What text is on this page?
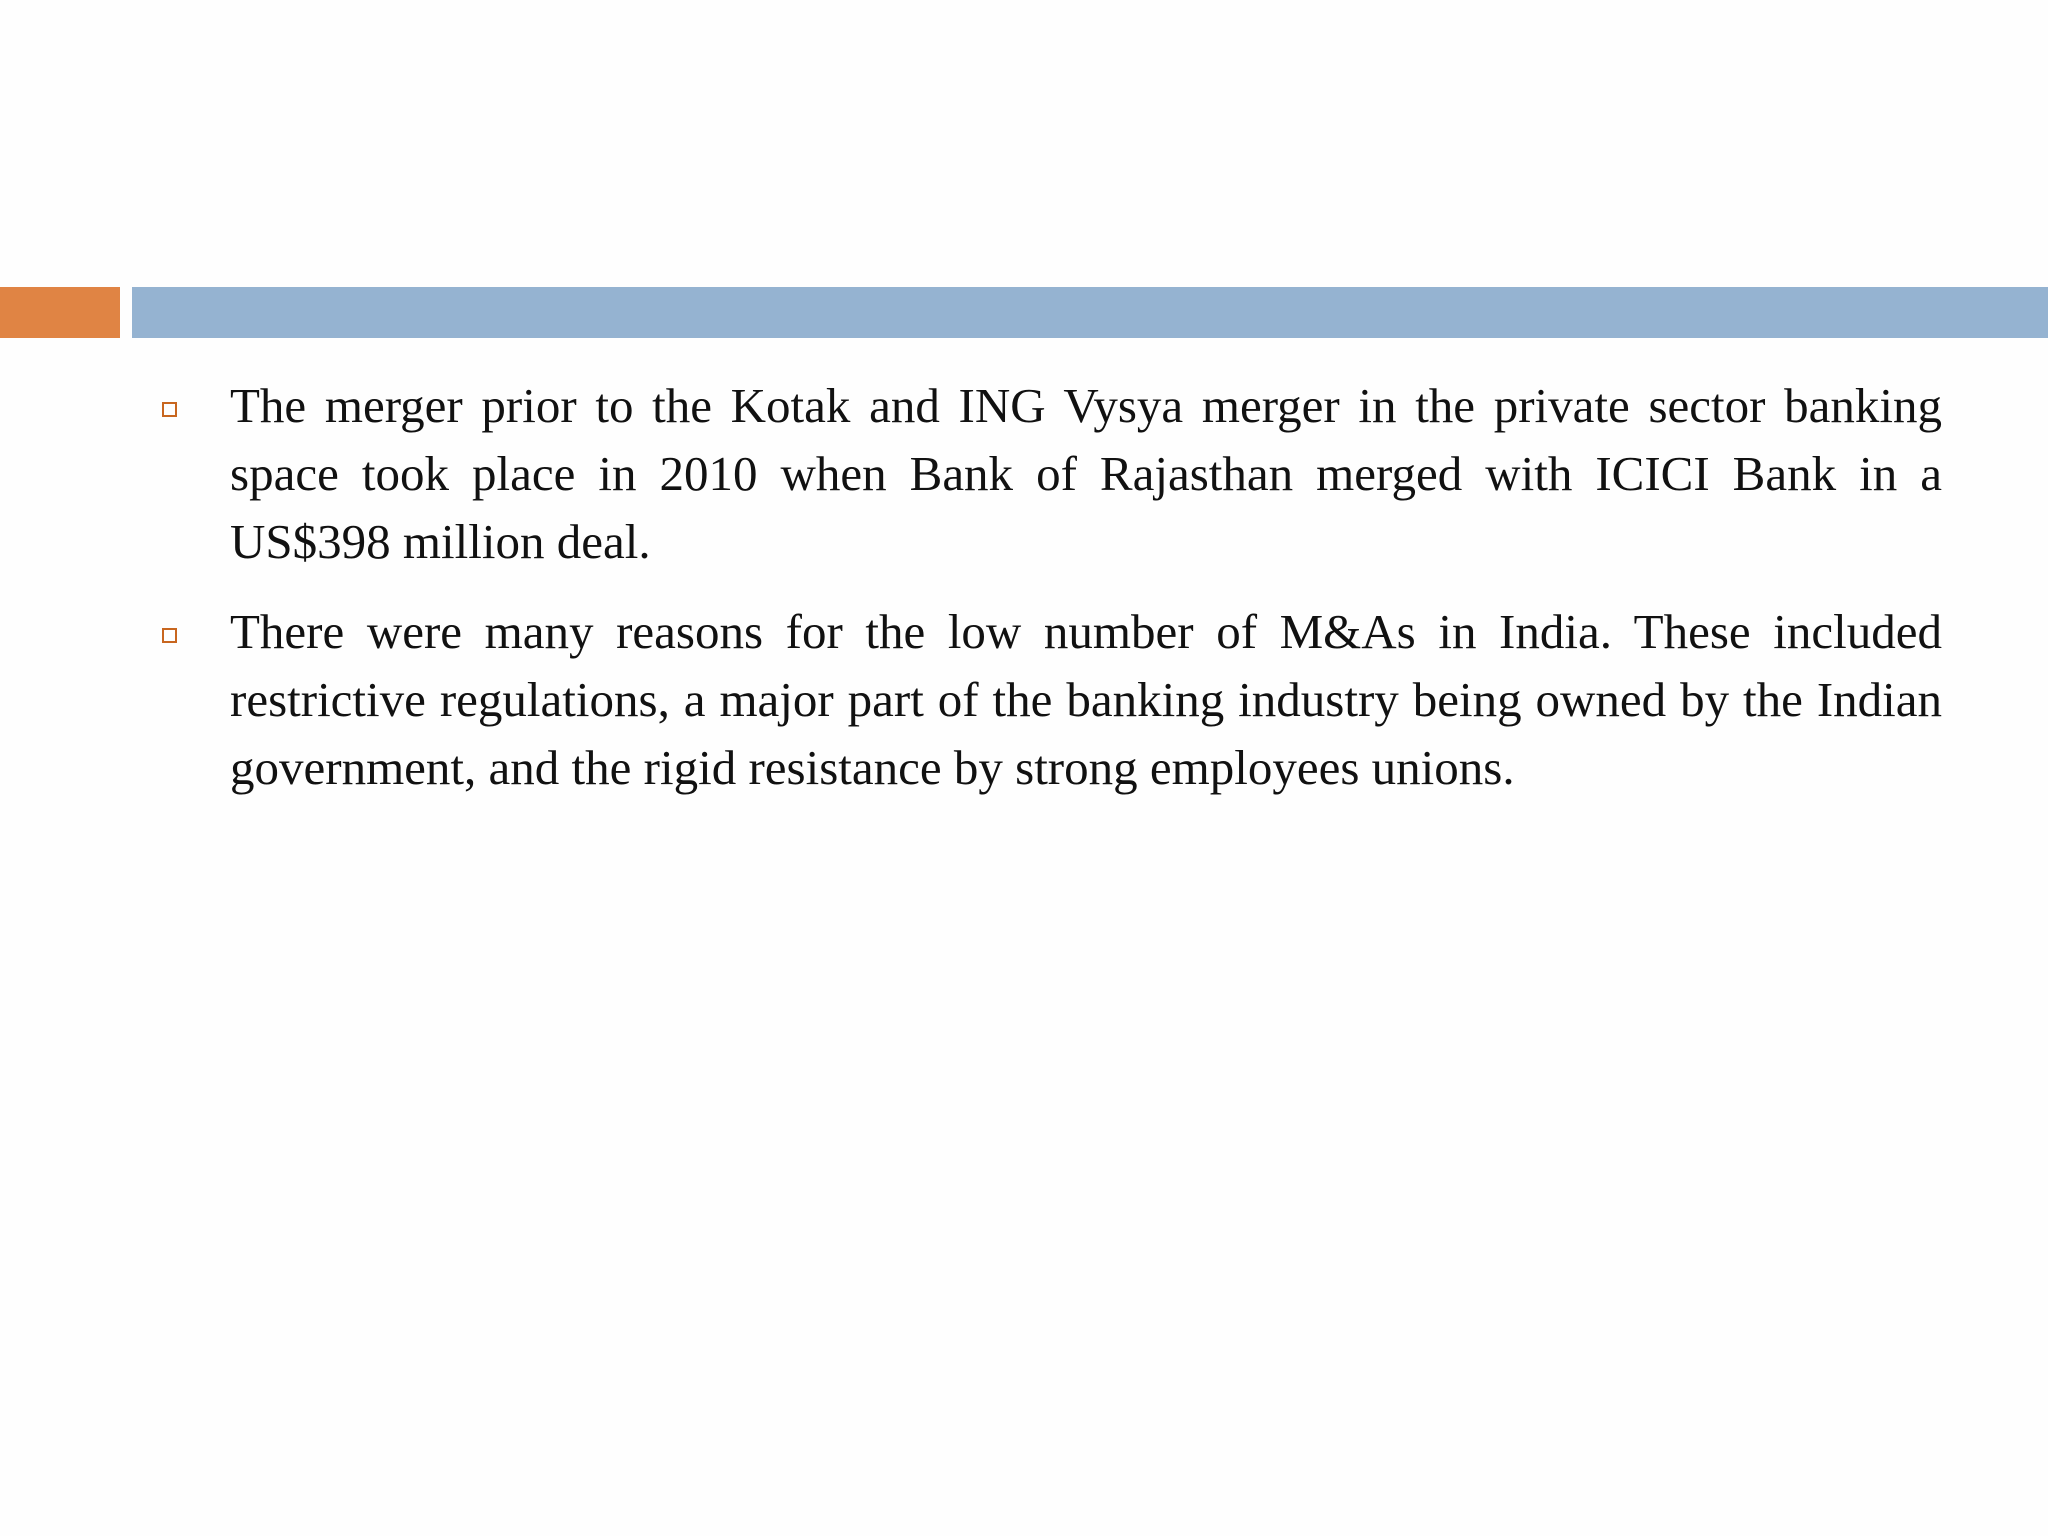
The merger prior to the Kotak and ING Vysya merger in the private sector banking space took place in 2010 when Bank of Rajasthan merged with ICICI Bank in a US$398 million deal.

There were many reasons for the low number of M&As in India. These included restrictive regulations, a major part of the banking industry being owned by the Indian government, and the rigid resistance by strong employees unions.
